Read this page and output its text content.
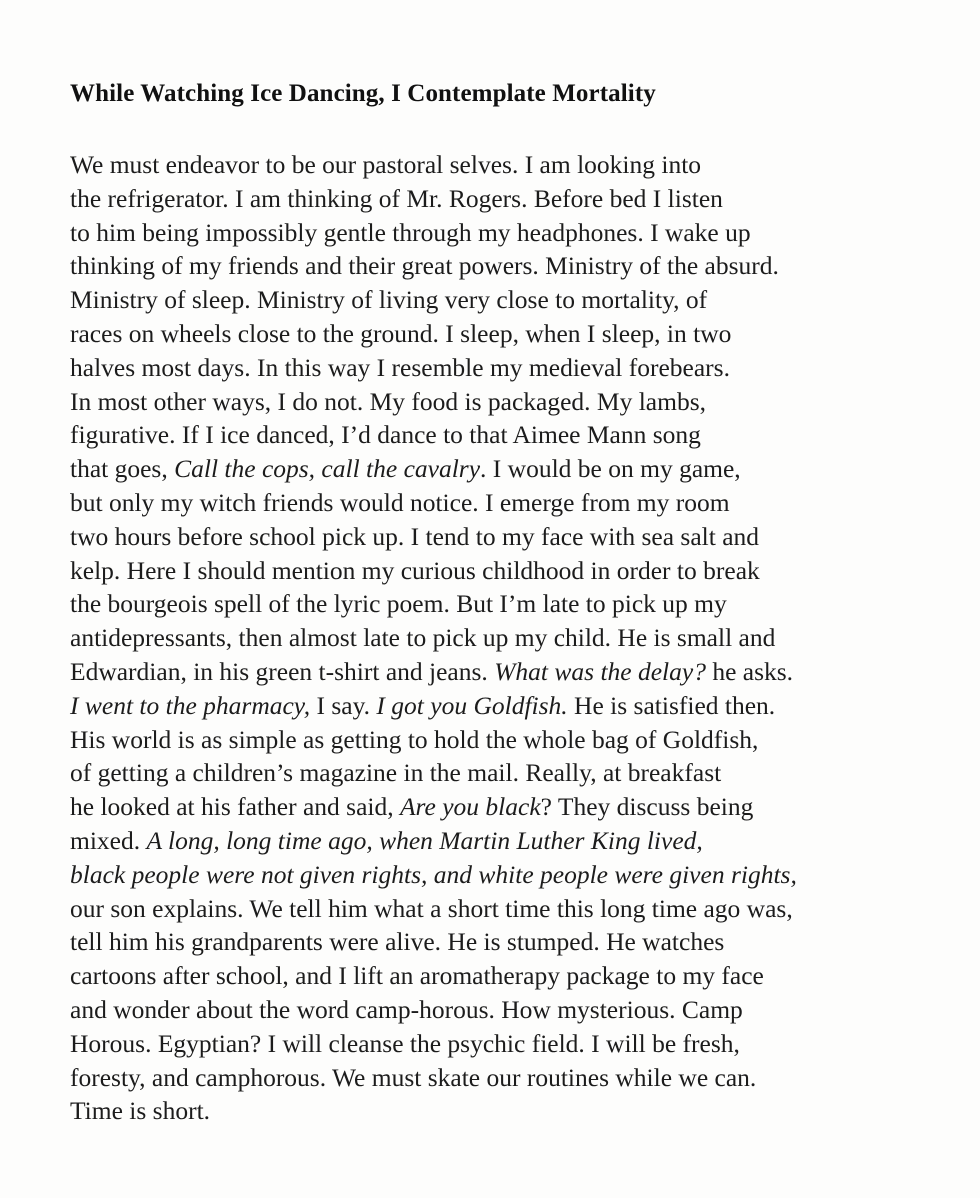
While Watching Ice Dancing, I Contemplate Mortality
We must endeavor to be our pastoral selves. I am looking into
the refrigerator. I am thinking of Mr. Rogers. Before bed I listen
to him being impossibly gentle through my headphones. I wake up
thinking of my friends and their great powers. Ministry of the absurd.
Ministry of sleep. Ministry of living very close to mortality, of
races on wheels close to the ground. I sleep, when I sleep, in two
halves most days. In this way I resemble my medieval forebears.
In most other ways, I do not. My food is packaged. My lambs,
figurative. If I ice danced, I’d dance to that Aimee Mann song
that goes, Call the cops, call the cavalry. I would be on my game,
but only my witch friends would notice. I emerge from my room
two hours before school pick up. I tend to my face with sea salt and
kelp. Here I should mention my curious childhood in order to break
the bourgeois spell of the lyric poem. But I’m late to pick up my
antidepressants, then almost late to pick up my child. He is small and
Edwardian, in his green t-shirt and jeans. What was the delay? he asks.
I went to the pharmacy, I say. I got you Goldfish. He is satisfied then.
His world is as simple as getting to hold the whole bag of Goldfish,
of getting a children’s magazine in the mail. Really, at breakfast
he looked at his father and said, Are you black? They discuss being
mixed. A long, long time ago, when Martin Luther King lived,
black people were not given rights, and white people were given rights,
our son explains. We tell him what a short time this long time ago was,
tell him his grandparents were alive. He is stumped. He watches
cartoons after school, and I lift an aromatherapy package to my face
and wonder about the word camp-horous. How mysterious. Camp
Horous. Egyptian? I will cleanse the psychic field. I will be fresh,
foresty, and camphorous. We must skate our routines while we can.
Time is short.
